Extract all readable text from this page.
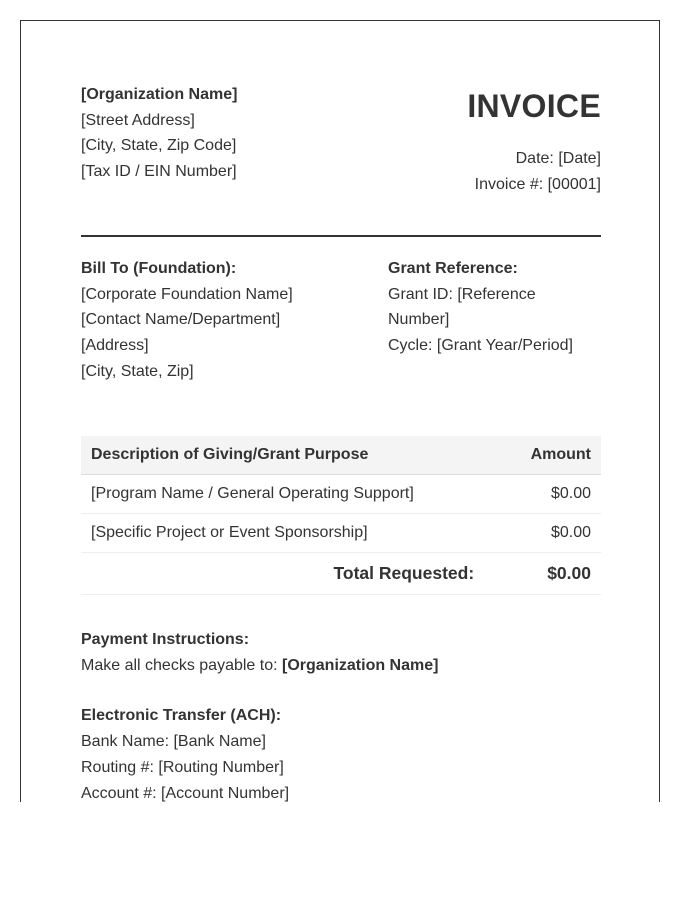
[Organization Name]
[Street Address]
[City, State, Zip Code]
[Tax ID / EIN Number]
INVOICE
Date: [Date]
Invoice #: [00001]
Bill To (Foundation):
[Corporate Foundation Name]
[Contact Name/Department]
[Address]
[City, State, Zip]
Grant Reference:
Grant ID: [Reference Number]
Cycle: [Grant Year/Period]
Description of Giving/Grant Purpose	Amount
[Program Name / General Operating Support]	$0.00
[Specific Project or Event Sponsorship]	$0.00
Total Requested:	$0.00
Payment Instructions:
Make all checks payable to: [Organization Name]
Electronic Transfer (ACH):
Bank Name: [Bank Name]
Routing #: [Routing Number]
Account #: [Account Number]
